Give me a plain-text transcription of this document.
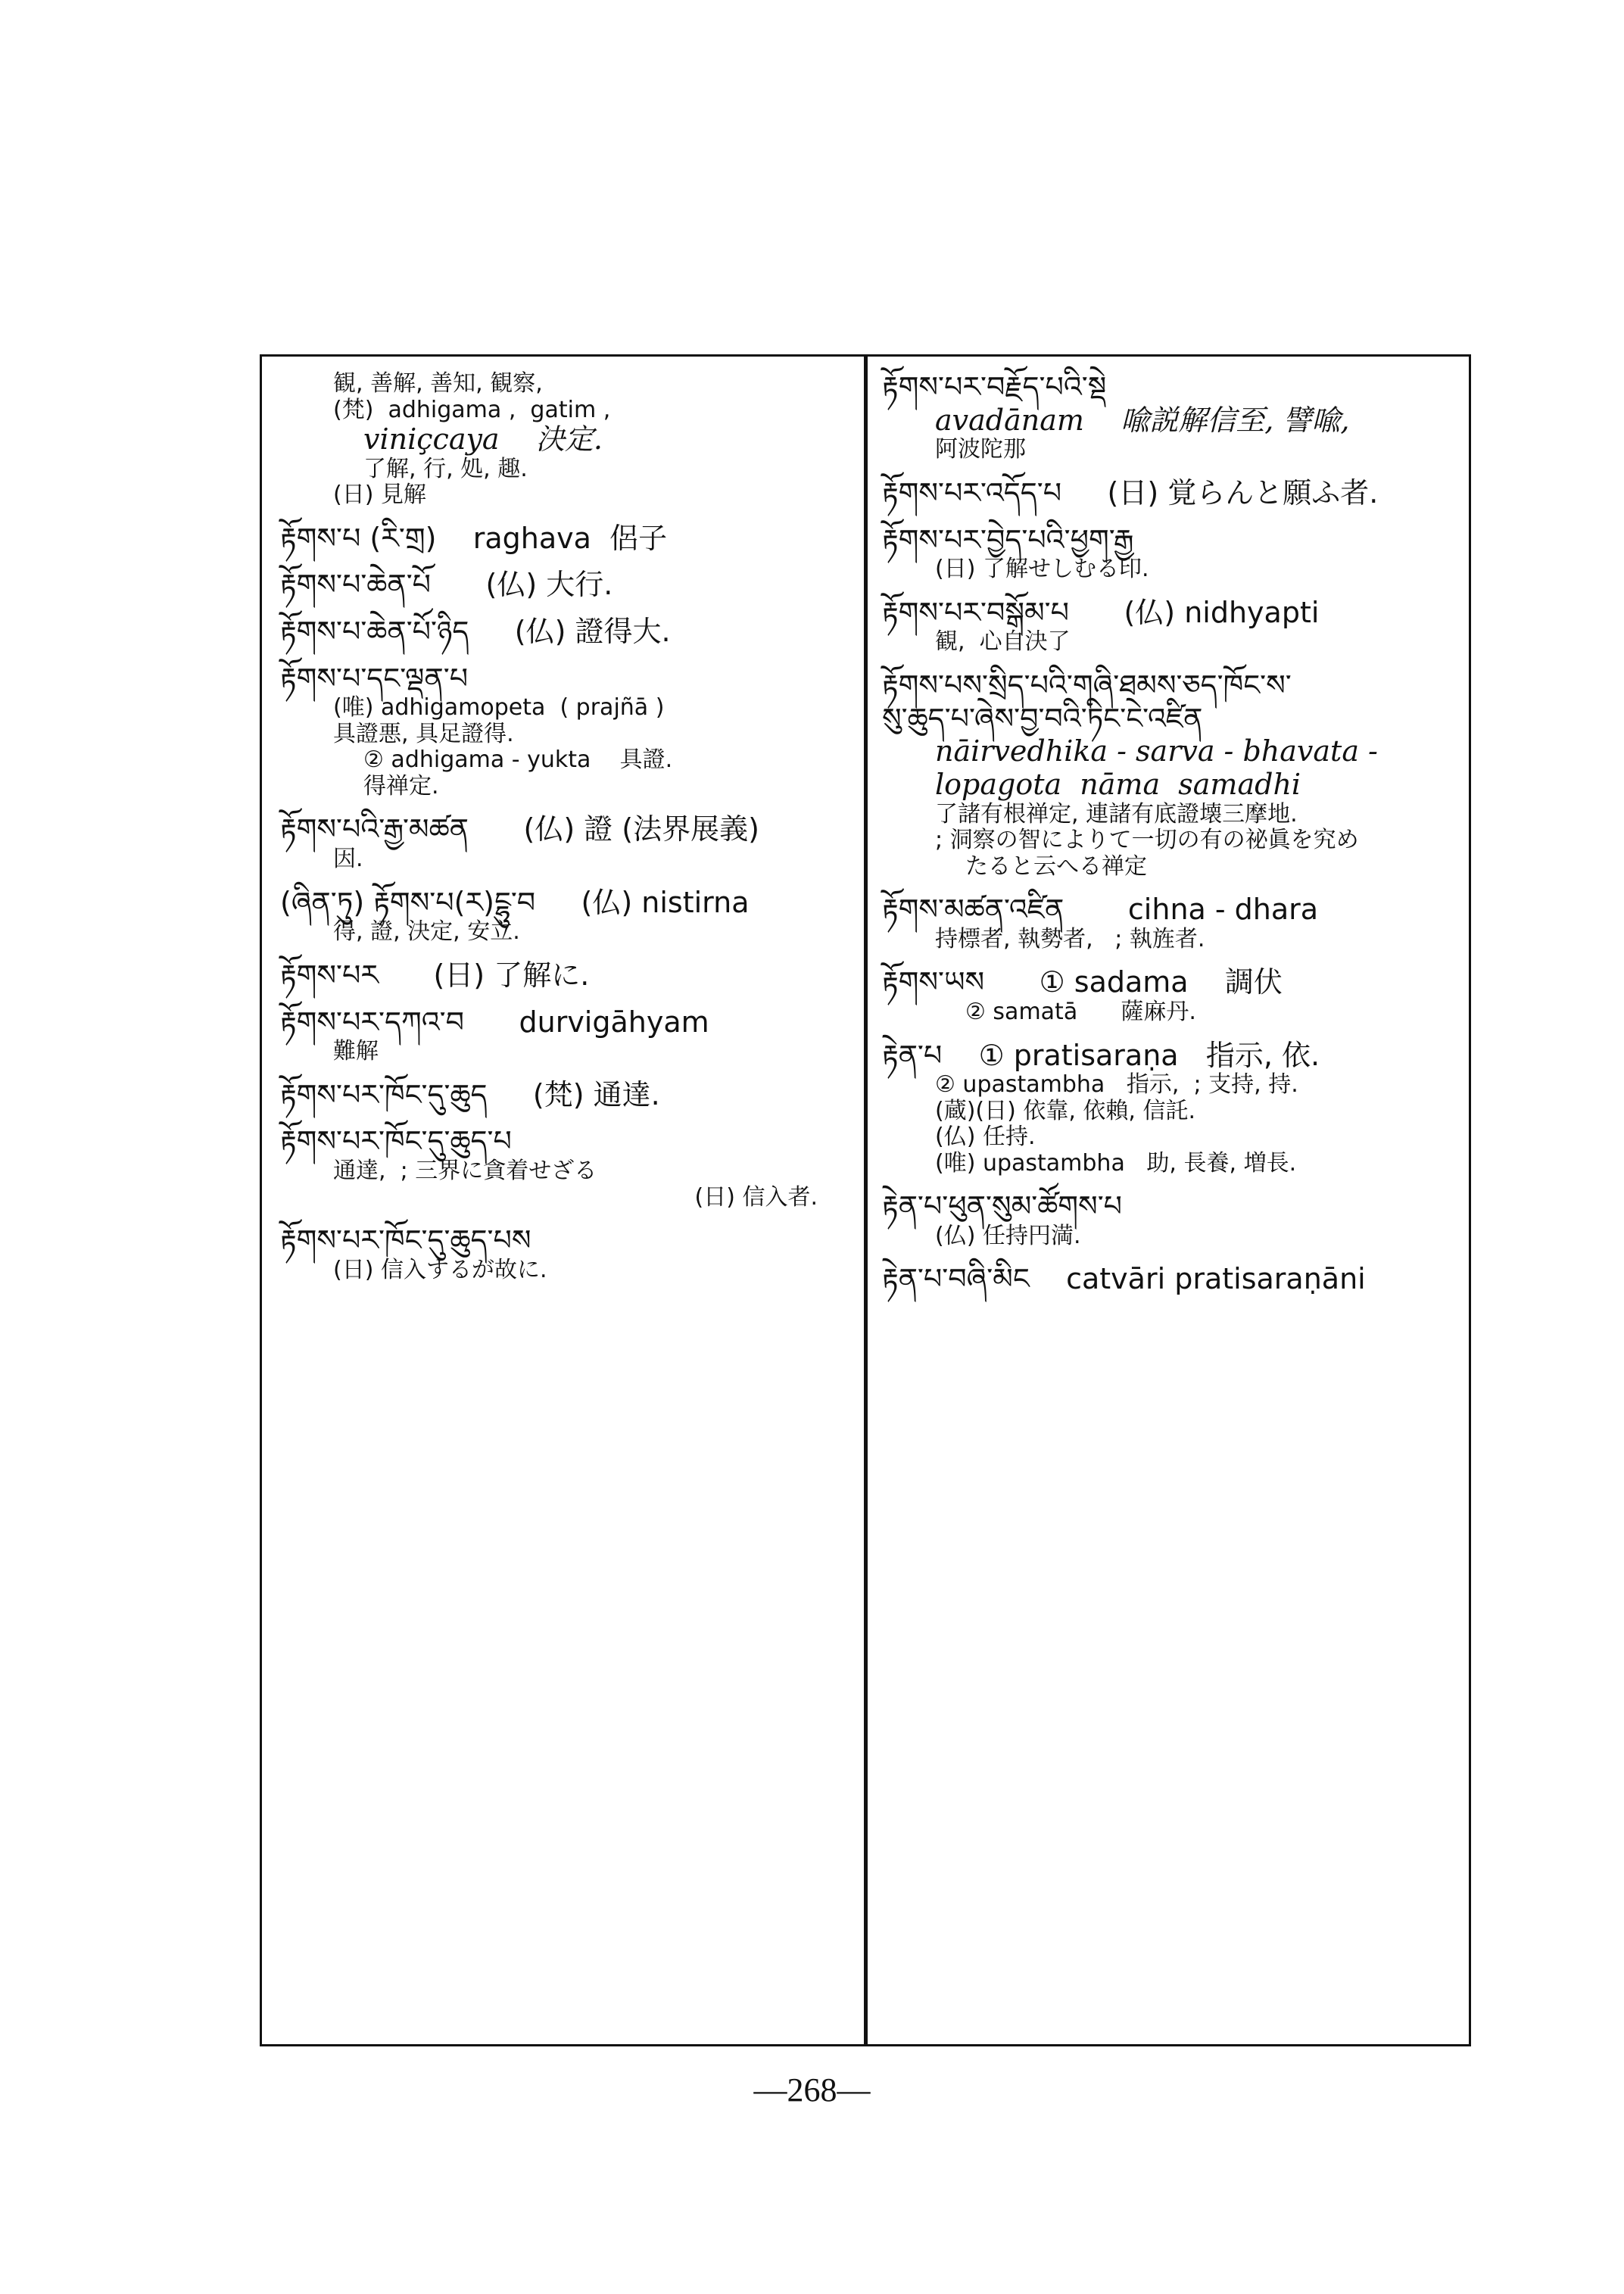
観, 善解, 善知, 観察,
(梵)  adhigama ,  gatim ,
viniçcaya    決定.
了解, 行, 処, 趣.
(日) 見解
རྟོགས་པ (རི་གྲ)    raghava  侶子
རྟོགས་པ་ཆེན་པོ      (仏) 大行.
རྟོགས་པ་ཆེན་པོ་ཉིད     (仏) 證得大.
རྟོགས་པ་དང་ལྡན་པ
(唯) adhigamopeta  ( prajñā )
具證悪, 具足證得.
② adhigama - yukta    具證.
得禅定.
རྟོགས་པའི་རྒྱ་མཚན      (仏) 證 (法界展義)
因.
(ཞིན་ཏུ) རྟོགས་པ(ར)ངྷུ་བ     (仏) nistirna
得, 證, 決定, 安立.
རྟོགས་པར      (日) 了解に.
རྟོགས་པར་དཀའ་བ      durvigāhyam
難解
རྟོགས་པར་ཁོང་དུ་ཆུད     (梵) 通達.
རྟོགས་པར་ཁོང་དུ་ཆུད་པ
通達,  ; 三界に貪着せざる
(日) 信入者.
རྟོགས་པར་ཁོང་དུ་ཆུད་པས
(日) 信入するが故に.
རྟོགས་པར་བརྗོད་པའི་སྡེ
avadānam    喩説解信至, 譬喩,
阿波陀那
རྟོགས་པར་འདོད་པ     (日) 覚らんと願ふ者.
རྟོགས་པར་བྱེད་པའི་ཕྱག་རྒྱ
(日) 了解せしむる印.
རྟོགས་པར་བསྒོམ་པ      (仏) nidhyapti
観,  心自決了
རྟོགས་པས་སྲིད་པའི་གཞི་ཐམས་ཅད་ཁོང་ས་
སུ་ཆུད་པ་ཞེས་བྱ་བའི་ཏིང་ངེ་འཛིན
nāirvedhika - sarva - bhavata -
lopagota  nāma  samadhi
了諸有根禅定, 連諸有底證壊三摩地.
; 洞察の智によりて一切の有の祕眞を究め
たると云へる禅定
རྟོགས་མཚན་འཛིན       cihna - dhara
持標者, 執勢者,   ; 執旌者.
རྟོགས་ཡས      ① sadama    調伏
② samatā      薩麻丹.
རྟེན་པ    ① pratisaraṇa   指示, 依.
② upastambha   指示,  ; 支持, 持.
(蔵)(日) 依靠, 依賴, 信託.
(仏) 任持.
(唯) upastambha   助, 長養, 増長.
རྟེན་པ་ཕུན་སུམ་ཚོགས་པ
(仏) 任持円満.
རྟེན་པ་བཞི་མིང    catvāri pratisaraṇāni
—268—
